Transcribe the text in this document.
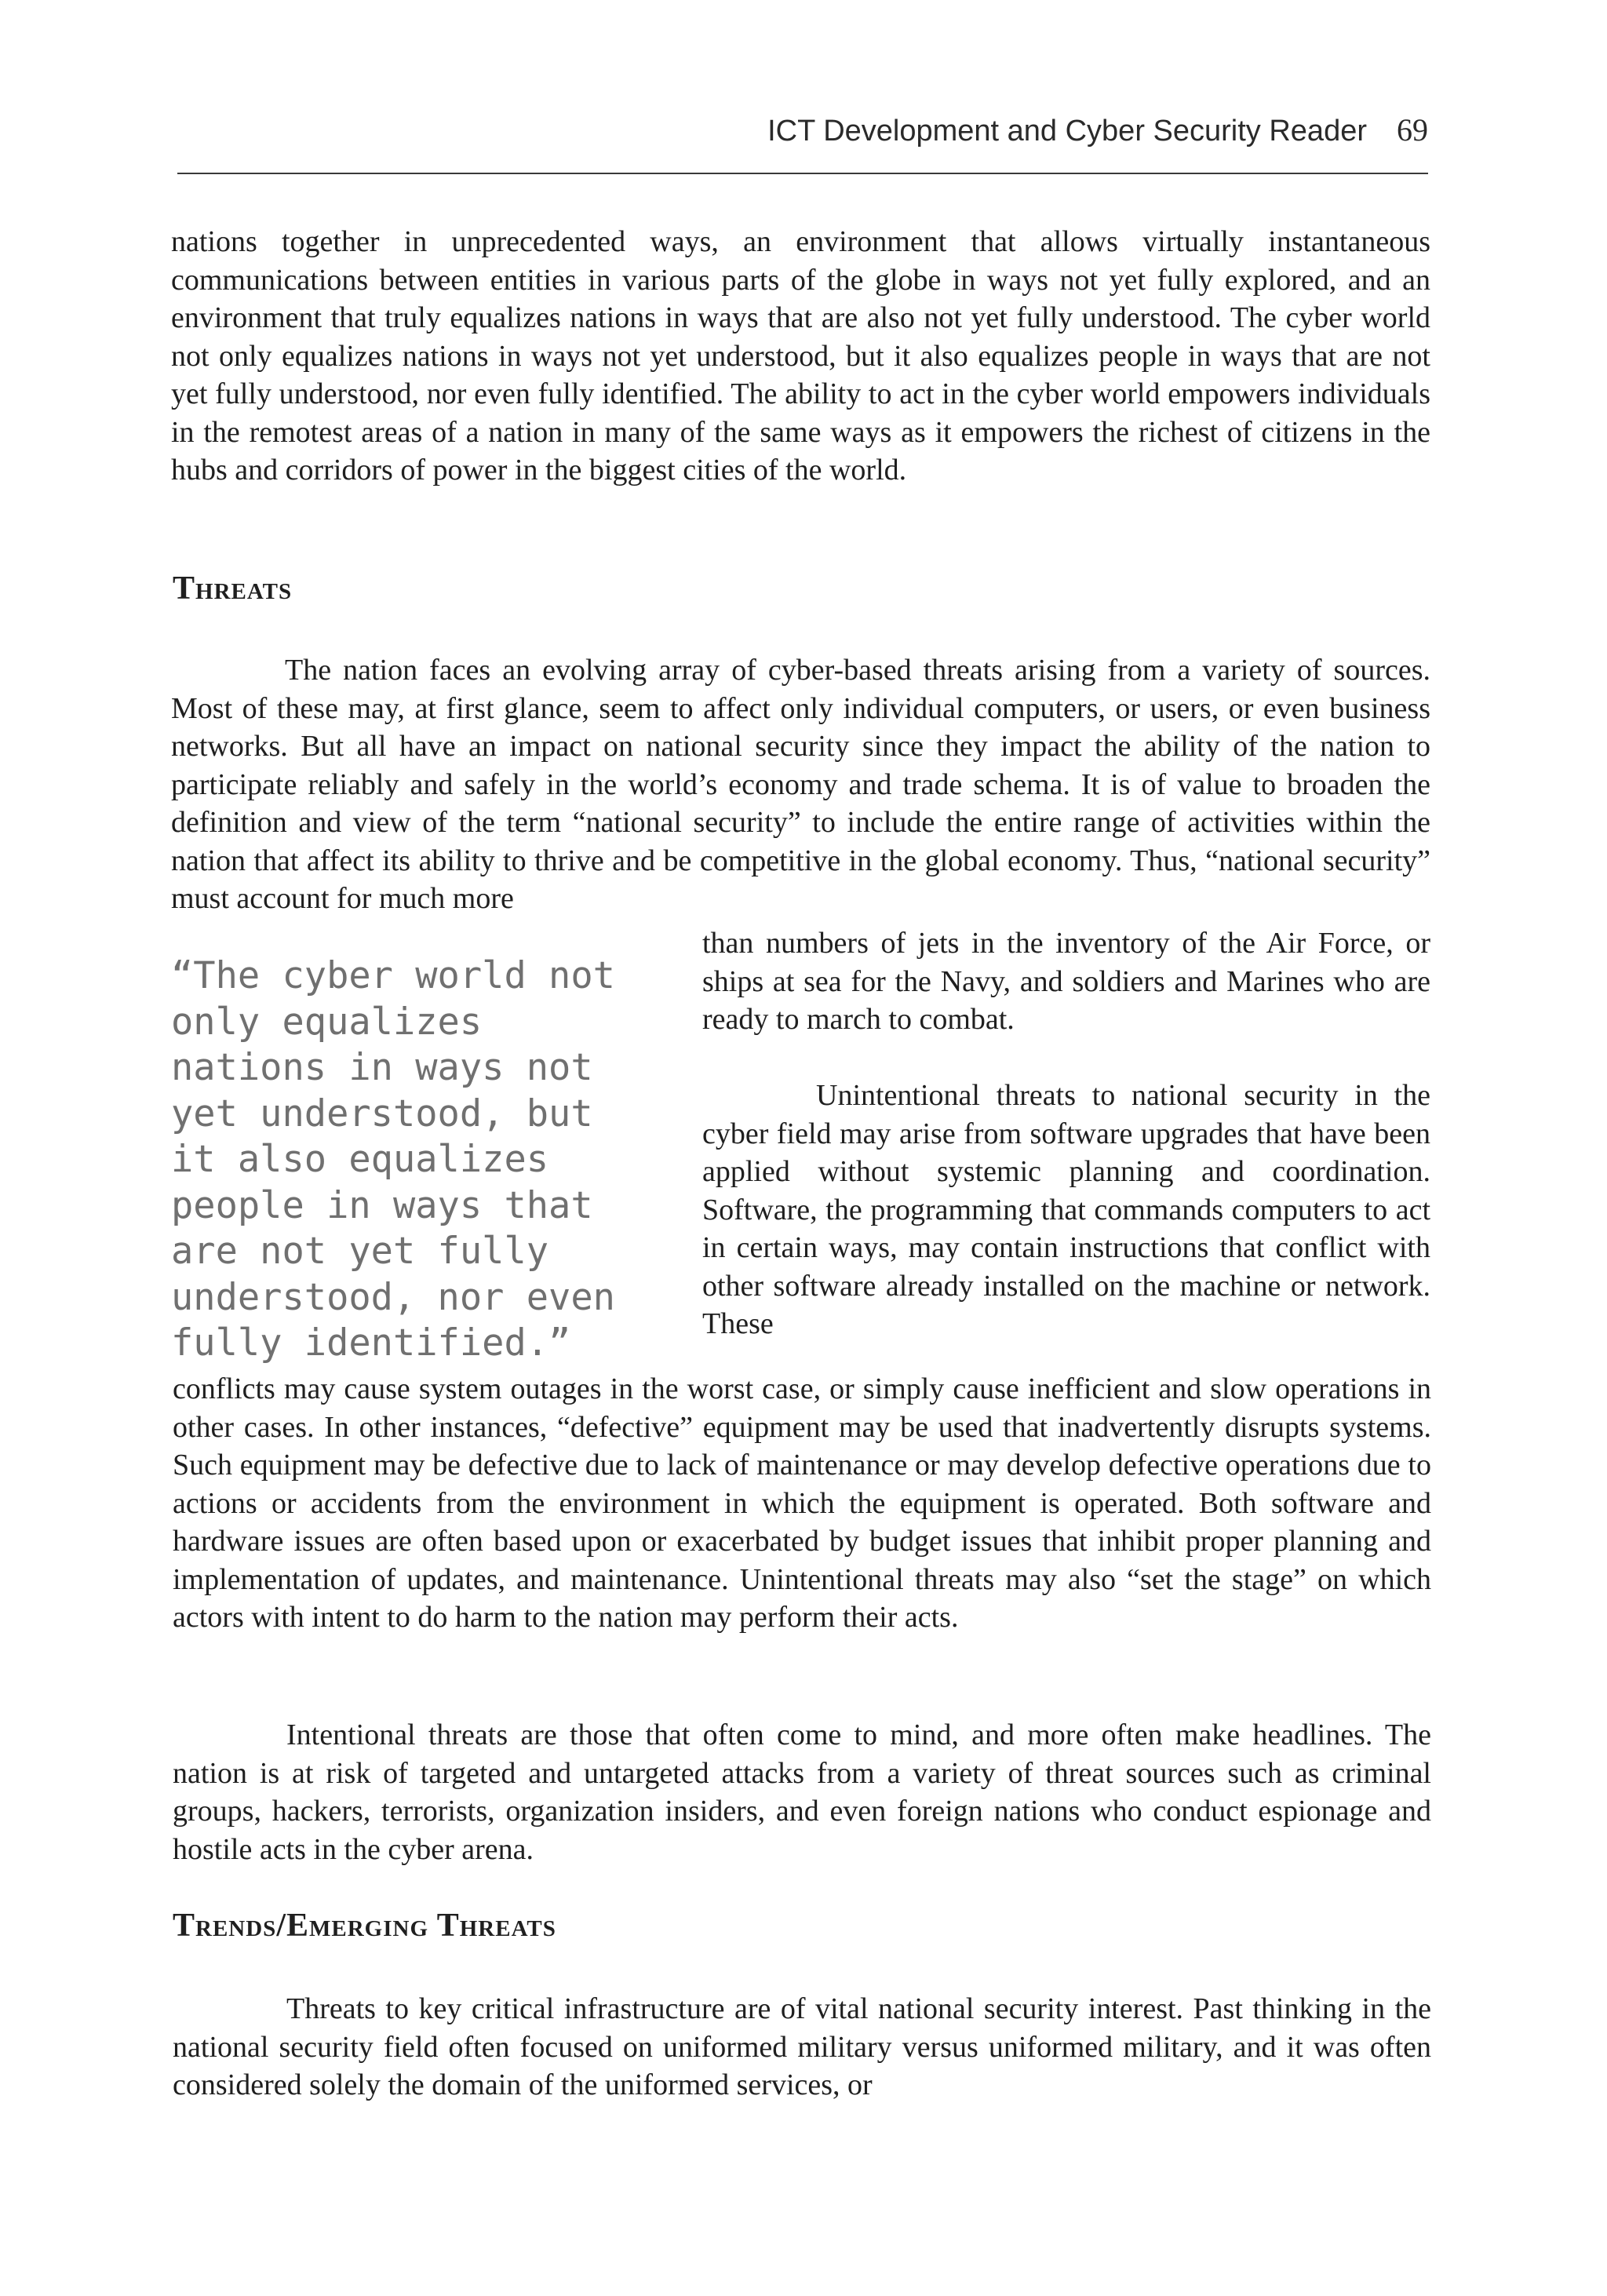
ICT Development and Cyber Security Reader 69

nations together in unprecedented ways, an environment that allows virtually instantaneous communications between entities in various parts of the globe in ways not yet fully explored, and an environment that truly equalizes nations in ways that are also not yet fully understood. The cyber world not only equalizes nations in ways not yet understood, but it also equalizes people in ways that are not yet fully understood, nor even fully identified. The ability to act in the cyber world empowers individuals in the remotest areas of a nation in many of the same ways as it empowers the richest of citizens in the hubs and corridors of power in the biggest cities of the world.

Threats

The nation faces an evolving array of cyber-based threats arising from a variety of sources. Most of these may, at first glance, seem to affect only individual computers, or users, or even business networks. But all have an impact on national security since they impact the ability of the nation to participate reliably and safely in the world’s economy and trade schema. It is of value to broaden the definition and view of the term “national security” to include the entire range of activities within the nation that affect its ability to thrive and be competitive in the global economy. Thus, “national security” must account for much more

than numbers of jets in the inventory of the Air Force, or ships at sea for the Navy, and soldiers and Marines who are ready to march to combat.

“The cyber world not only equalizes nations in ways not yet understood, but it also equalizes people in ways that are not yet fully understood, nor even fully identified.”

Unintentional threats to national security in the cyber field may arise from software upgrades that have been applied without systemic planning and coordination. Software, the programming that commands computers to act in certain ways, may contain instructions that conflict with other software already installed on the machine or network. These

conflicts may cause system outages in the worst case, or simply cause inefficient and slow operations in other cases. In other instances, “defective” equipment may be used that inadvertently disrupts systems. Such equipment may be defective due to lack of maintenance or may develop defective operations due to actions or accidents from the environment in which the equipment is operated. Both software and hardware issues are often based upon or exacerbated by budget issues that inhibit proper planning and implementation of updates, and maintenance. Unintentional threats may also “set the stage” on which actors with intent to do harm to the nation may perform their acts.

Intentional threats are those that often come to mind, and more often make headlines. The nation is at risk of targeted and untargeted attacks from a variety of threat sources such as criminal groups, hackers, terrorists, organization insiders, and even foreign nations who conduct espionage and hostile acts in the cyber arena.

Trends/Emerging Threats

Threats to key critical infrastructure are of vital national security interest. Past thinking in the national security field often focused on uniformed military versus uniformed military, and it was often considered solely the domain of the uniformed services, or
